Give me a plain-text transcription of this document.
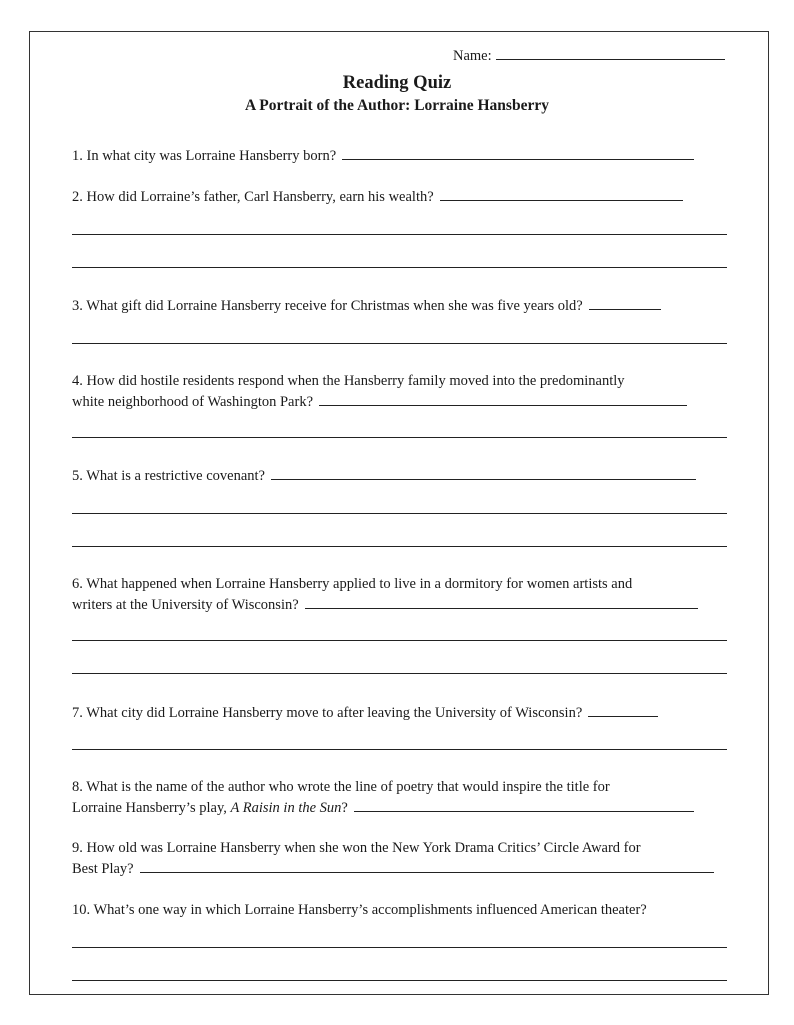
Name:
Reading Quiz
A Portrait of the Author: Lorraine Hansberry
1. In what city was Lorraine Hansberry born?
2. How did Lorraine’s father, Carl Hansberry, earn his wealth?
3. What gift did Lorraine Hansberry receive for Christmas when she was five years old?
4. How did hostile residents respond when the Hansberry family moved into the predominantly
white neighborhood of Washington Park?
5. What is a restrictive covenant?
6. What happened when Lorraine Hansberry applied to live in a dormitory for women artists and
writers at the University of Wisconsin?
7. What city did Lorraine Hansberry move to after leaving the University of Wisconsin?
8. What is the name of the author who wrote the line of poetry that would inspire the title for
Lorraine Hansberry’s play, A Raisin in the Sun?
9. How old was Lorraine Hansberry when she won the New York Drama Critics’ Circle Award for
Best Play?
10. What’s one way in which Lorraine Hansberry’s accomplishments influenced American theater?
